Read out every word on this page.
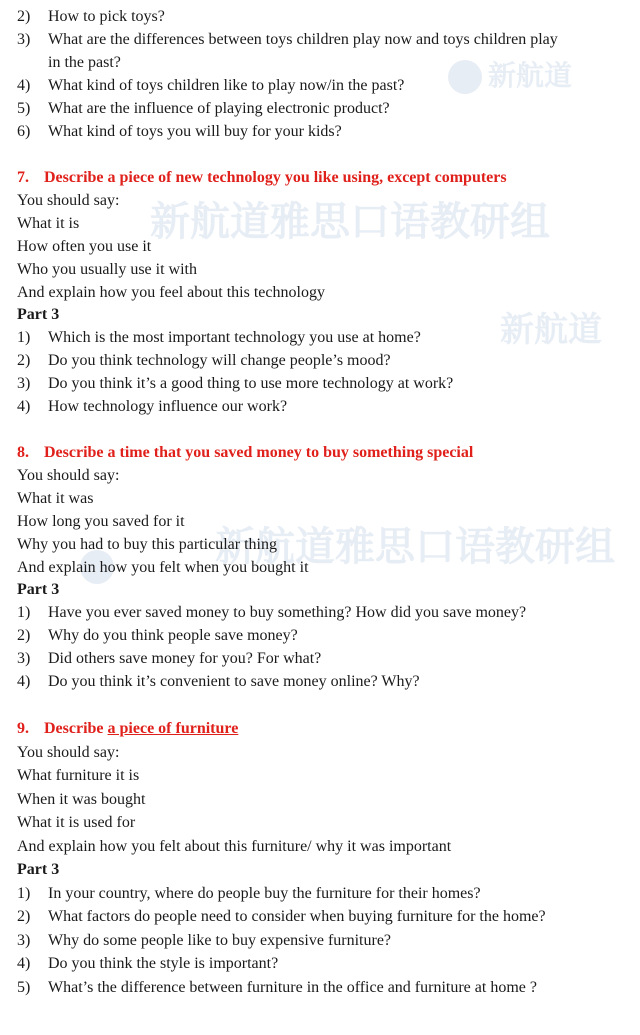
新航道
新航道雅思口语教研组
新航道
新航道雅思口语教研组
2) How to pick toys?
3) What are the differences between toys children play now and toys children play
in the past?
4) What kind of toys children like to play now/in the past?
5) What are the influence of playing electronic product?
6) What kind of toys you will buy for your kids?
7. Describe a piece of new technology you like using, except computers
You should say:
What it is
How often you use it
Who you usually use it with
And explain how you feel about this technology
Part 3
1) Which is the most important technology you use at home?
2) Do you think technology will change people’s mood?
3) Do you think it’s a good thing to use more technology at work?
4) How technology influence our work?
8. Describe a time that you saved money to buy something special
You should say:
What it was
How long you saved for it
Why you had to buy this particular thing
And explain how you felt when you bought it
Part 3
1) Have you ever saved money to buy something? How did you save money?
2) Why do you think people save money?
3) Did others save money for you? For what?
4) Do you think it’s convenient to save money online? Why?
9. Describe a piece of furniture
You should say:
What furniture it is
When it was bought
What it is used for
And explain how you felt about this furniture/ why it was important
Part 3
1) In your country, where do people buy the furniture for their homes?
2) What factors do people need to consider when buying furniture for the home?
3) Why do some people like to buy expensive furniture?
4) Do you think the style is important?
5) What’s the difference between furniture in the office and furniture at home ?
